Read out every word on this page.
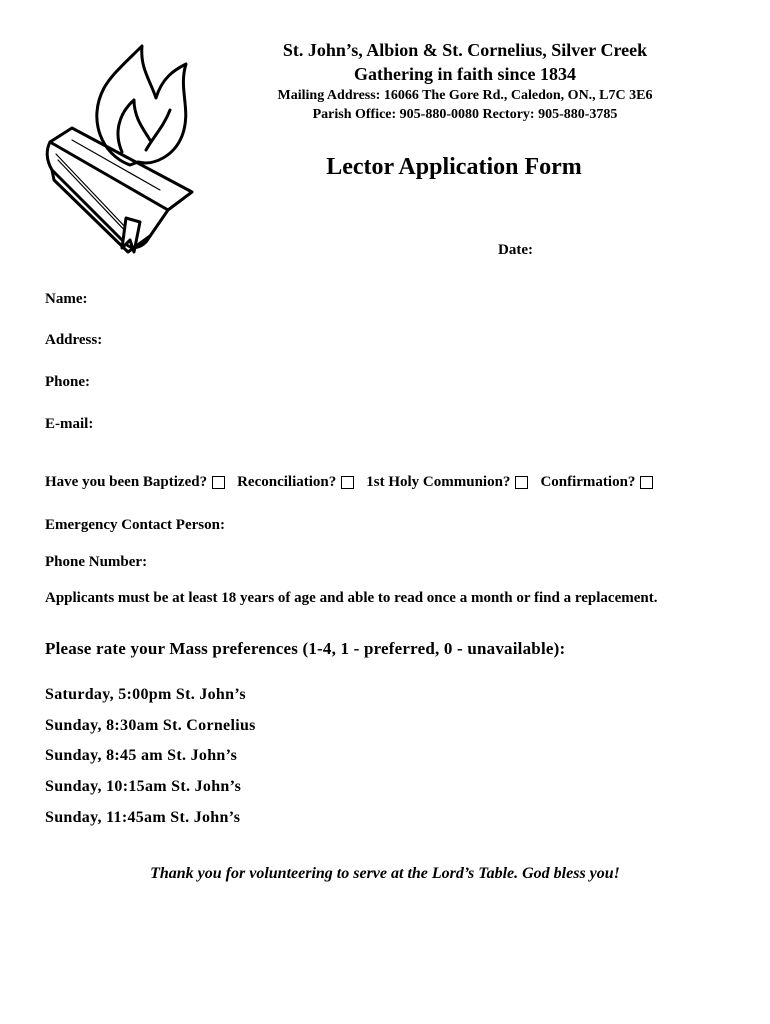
St. John’s, Albion & St. Cornelius, Silver Creek
Gathering in faith since 1834
Mailing Address: 16066 The Gore Rd., Caledon, ON., L7C 3E6
Parish Office: 905-880-0080 Rectory: 905-880-3785
Lector Application Form
Date:
Name:
Address:
Phone:
E-mail:
Have you been Baptized? Reconciliation? 1st Holy Communion? Confirmation?
Emergency Contact Person:
Phone Number:
Applicants must be at least 18 years of age and able to read once a month or find a replacement.
Please rate your Mass preferences (1-4, 1 - preferred, 0 - unavailable):
Saturday, 5:00pm St. John’s
Sunday, 8:30am St. Cornelius
Sunday, 8:45 am St. John’s
Sunday, 10:15am St. John’s
Sunday, 11:45am St. John’s
Thank you for volunteering to serve at the Lord’s Table. God bless you!
